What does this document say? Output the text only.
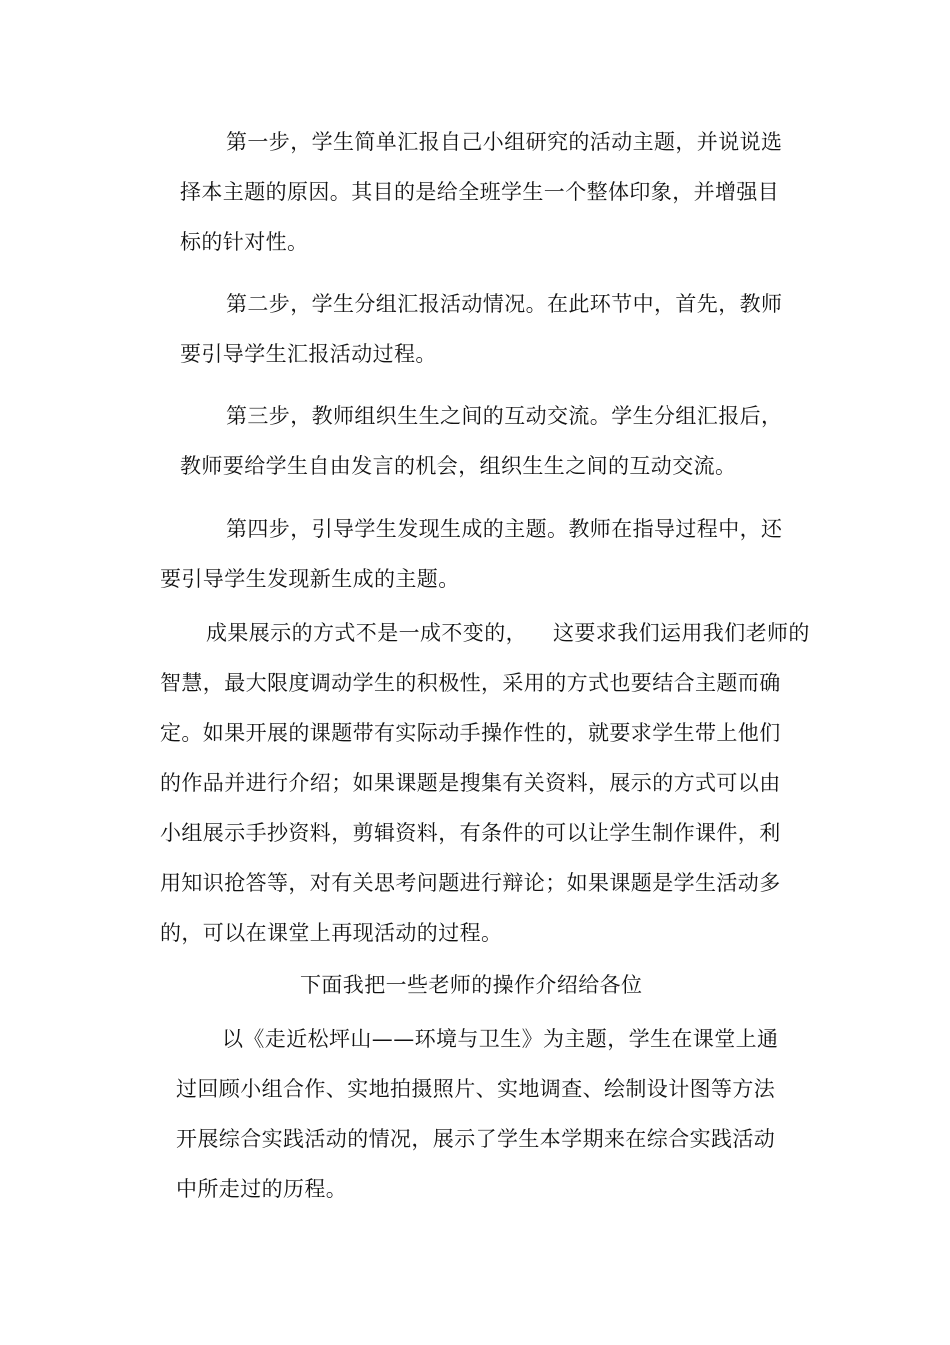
第一步，学生简单汇报自己小组研究的活动主题，并说说选
择本主题的原因。其目的是给全班学生一个整体印象，并增强目
标的针对性。
第二步，学生分组汇报活动情况。在此环节中，首先，教师
要引导学生汇报活动过程。
第三步，教师组织生生之间的互动交流。学生分组汇报后，
教师要给学生自由发言的机会，组织生生之间的互动交流。
第四步，引导学生发现生成的主题。教师在指导过程中，还
要引导学生发现新生成的主题。
成果展示的方式不是一成不变的， 这要求我们运用我们老师的
智慧，最大限度调动学生的积极性，采用的方式也要结合主题而确
定。如果开展的课题带有实际动手操作性的，就要求学生带上他们
的作品并进行介绍；如果课题是搜集有关资料，展示的方式可以由
小组展示手抄资料，剪辑资料，有条件的可以让学生制作课件，利
用知识抢答等，对有关思考问题进行辩论；如果课题是学生活动多
的，可以在课堂上再现活动的过程。
下面我把一些老师的操作介绍给各位
以《走近松坪山——环境与卫生》为主题，学生在课堂上通
过回顾小组合作、实地拍摄照片、实地调查、绘制设计图等方法
开展综合实践活动的情况，展示了学生本学期来在综合实践活动
中所走过的历程。
